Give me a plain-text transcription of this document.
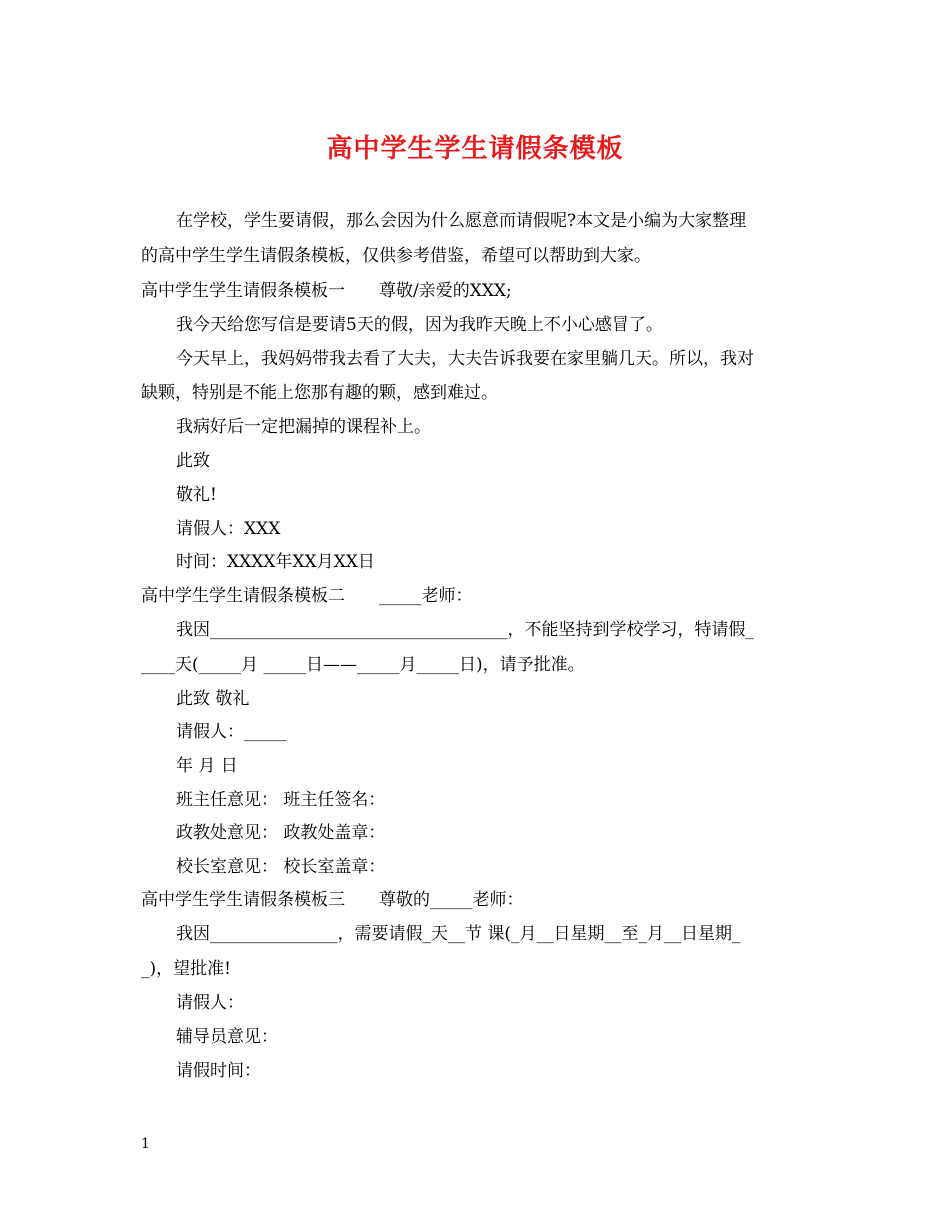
高中学生学生请假条模板
在学校，学生要请假，那么会因为什么愿意而请假呢?本文是小编为大家整理
的高中学生学生请假条模板，仅供参考借鉴，希望可以帮助到大家。
高中学生学生请假条模板一　　尊敬/亲爱的XXX;
我今天给您写信是要请5天的假，因为我昨天晚上不小心感冒了。
今天早上，我妈妈带我去看了大夫，大夫告诉我要在家里躺几天。所以，我对
缺颗，特别是不能上您那有趣的颗，感到难过。
我病好后一定把漏掉的课程补上。
此致
敬礼!
请假人：XXX
时间：XXXX年XX月XX日
高中学生学生请假条模板二　　_____老师：
我因___________________________________，不能坚持到学校学习，特请假_
____天(_____月 _____日——_____月_____日)，请予批准。
此致 敬礼
请假人：_____
年 月 日
班主任意见： 班主任签名：
政教处意见： 政教处盖章：
校长室意见： 校长室盖章：
高中学生学生请假条模板三　　尊敬的_____老师：
我因_______________，需要请假_天__节 课(_月__日星期__至_月__日星期_
_)，望批准!
请假人：
辅导员意见：
请假时间：
1
